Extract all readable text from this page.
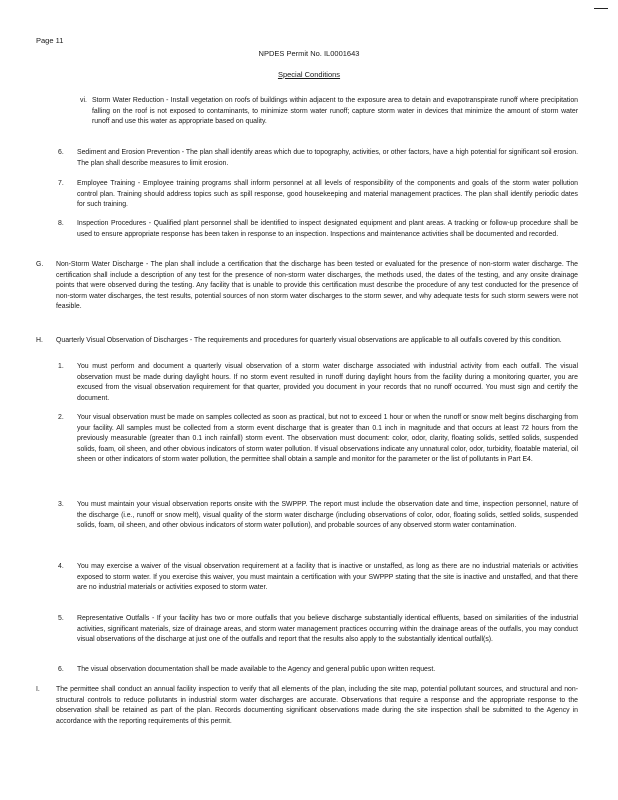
Page 11
NPDES Permit No. IL0001643
Special Conditions
vi. Storm Water Reduction - Install vegetation on roofs of buildings within adjacent to the exposure area to detain and evapotranspirate runoff where precipitation falling on the roof is not exposed to contaminants, to minimize storm water runoff; capture storm water in devices that minimize the amount of storm water runoff and use this water as appropriate based on quality.

6. Sediment and Erosion Prevention - The plan shall identify areas which due to topography, activities, or other factors, have a high potential for significant soil erosion. The plan shall describe measures to limit erosion.

7. Employee Training - Employee training programs shall inform personnel at all levels of responsibility of the components and goals of the storm water pollution control plan. Training should address topics such as spill response, good housekeeping and material management practices. The plan shall identify periodic dates for such training.

8. Inspection Procedures - Qualified plant personnel shall be identified to inspect designated equipment and plant areas. A tracking or follow-up procedure shall be used to ensure appropriate response has been taken in response to an inspection. Inspections and maintenance activities shall be documented and recorded.

G. Non-Storm Water Discharge - The plan shall include a certification that the discharge has been tested or evaluated for the presence of non-storm water discharge. The certification shall include a description of any test for the presence of non-storm water discharges, the methods used, the dates of the testing, and any onsite drainage points that were observed during the testing. Any facility that is unable to provide this certification must describe the procedure of any test conducted for the presence of non-storm water discharges, the test results, potential sources of non storm water discharges to the storm sewer, and why adequate tests for such storm sewers were not feasible.

H. Quarterly Visual Observation of Discharges - The requirements and procedures for quarterly visual observations are applicable to all outfalls covered by this condition.

1. You must perform and document a quarterly visual observation of a storm water discharge associated with industrial activity from each outfall. The visual observation must be made during daylight hours. If no storm event resulted in runoff during daylight hours from the facility during a monitoring quarter, you are excused from the visual observation requirement for that quarter, provided you document in your records that no runoff occurred. You must sign and certify the document.

2. Your visual observation must be made on samples collected as soon as practical, but not to exceed 1 hour or when the runoff or snow melt begins discharging from your facility. All samples must be collected from a storm event discharge that is greater than 0.1 inch in magnitude and that occurs at least 72 hours from the previously measurable (greater than 0.1 inch rainfall) storm event. The observation must document: color, odor, clarity, floating solids, settled solids, suspended solids, foam, oil sheen, and other obvious indicators of storm water pollution. If visual observations indicate any unnatural color, odor, turbidity, floatable material, oil sheen or other indicators of storm water pollution, the permittee shall obtain a sample and monitor for the parameter or the list of pollutants in Part E4.

3. You must maintain your visual observation reports onsite with the SWPPP. The report must include the observation date and time, inspection personnel, nature of the discharge (i.e., runoff or snow melt), visual quality of the storm water discharge (including observations of color, odor, floating solids, settled solids, suspended solids, foam, oil sheen, and other obvious indicators of storm water pollution), and probable sources of any observed storm water contamination.

4. You may exercise a waiver of the visual observation requirement at a facility that is inactive or unstaffed, as long as there are no industrial materials or activities exposed to storm water. If you exercise this waiver, you must maintain a certification with your SWPPP stating that the site is inactive and unstaffed, and that there are no industrial materials or activities exposed to storm water.

5. Representative Outfalls - If your facility has two or more outfalls that you believe discharge substantially identical effluents, based on similarities of the industrial activities, significant materials, size of drainage areas, and storm water management practices occurring within the drainage areas of the outfalls, you may conduct visual observations of the discharge at just one of the outfalls and report that the results also apply to the substantially identical outfall(s).

6. The visual observation documentation shall be made available to the Agency and general public upon written request.

I. The permittee shall conduct an annual facility inspection to verify that all elements of the plan, including the site map, potential pollutant sources, and structural and non-structural controls to reduce pollutants in industrial storm water discharges are accurate. Observations that require a response and the appropriate response to the observation shall be retained as part of the plan. Records documenting significant observations made during the site inspection shall be submitted to the Agency in accordance with the reporting requirements of this permit.
